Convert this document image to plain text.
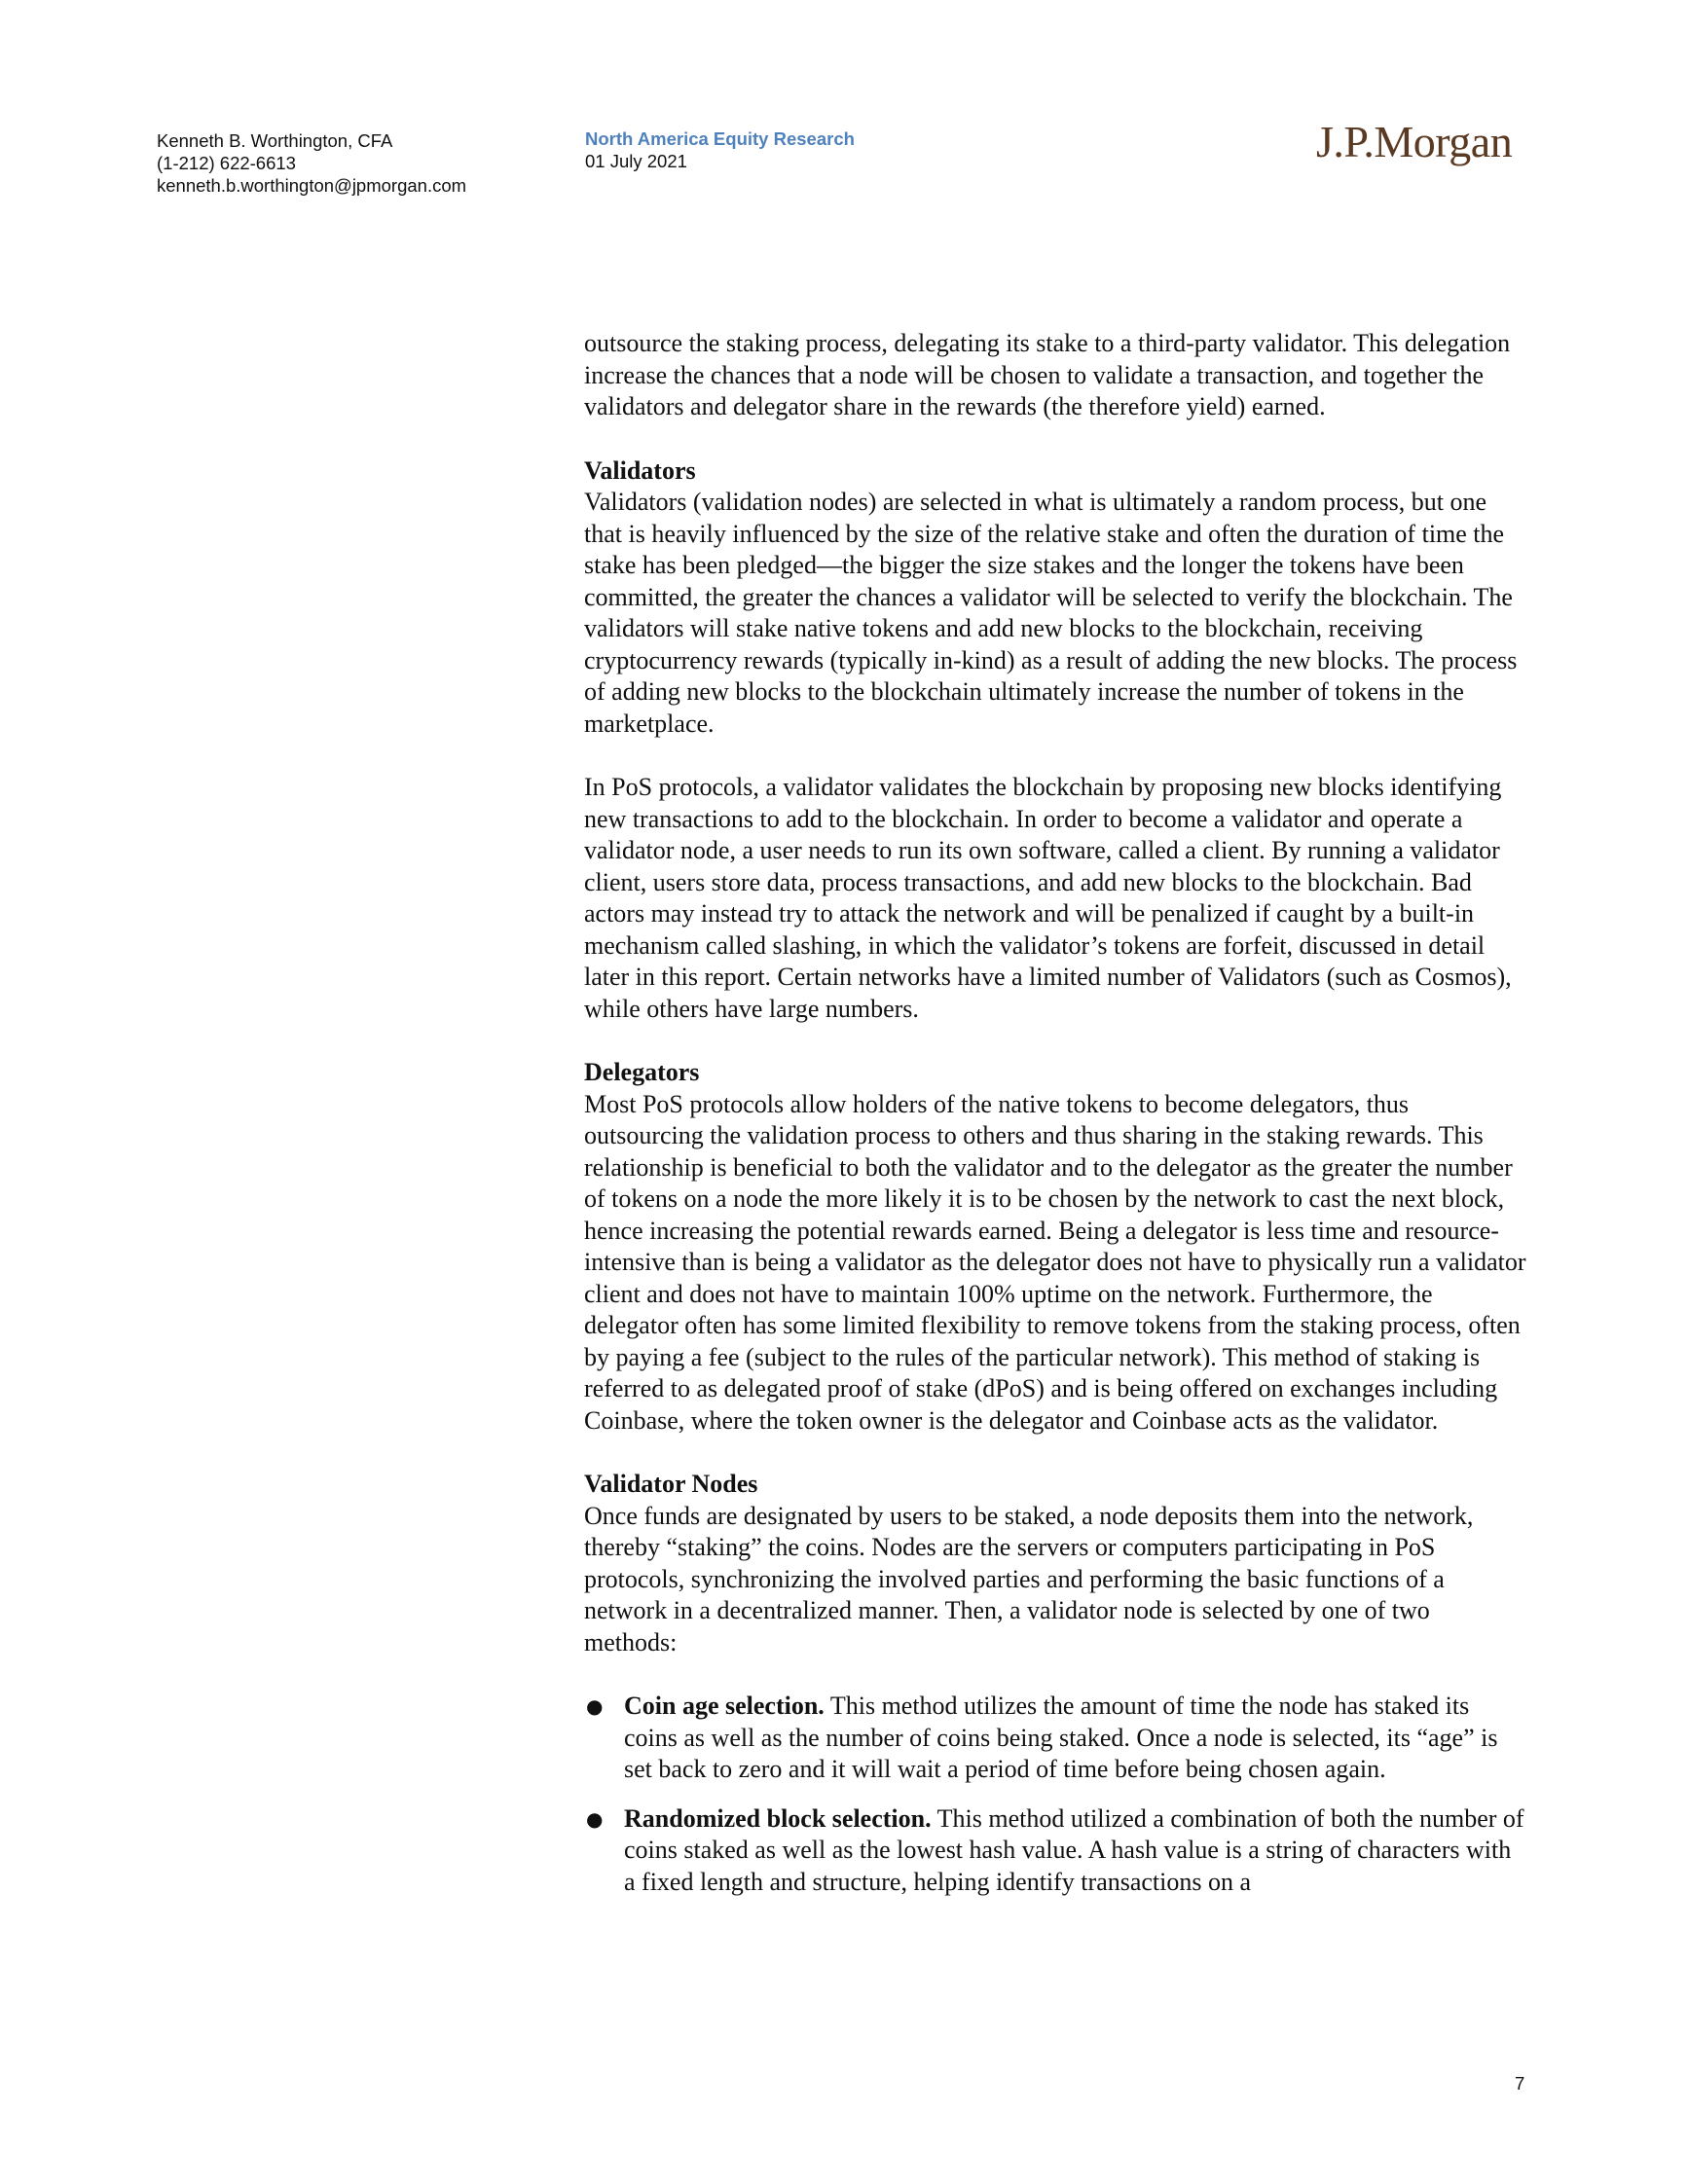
Kenneth B. Worthington, CFA
(1-212) 622-6613
kenneth.b.worthington@jpmorgan.com
North America Equity Research
01 July 2021	J.P.Morgan

outsource the staking process, delegating its stake to a third-party validator. This delegation increase the chances that a node will be chosen to validate a transaction, and together the validators and delegator share in the rewards (the therefore yield) earned.

Validators

Validators (validation nodes) are selected in what is ultimately a random process, but one that is heavily influenced by the size of the relative stake and often the duration of time the stake has been pledged—the bigger the size stakes and the longer the tokens have been committed, the greater the chances a validator will be selected to verify the blockchain. The validators will stake native tokens and add new blocks to the blockchain, receiving cryptocurrency rewards (typically in-kind) as a result of adding the new blocks. The process of adding new blocks to the blockchain ultimately increase the number of tokens in the marketplace.

In PoS protocols, a validator validates the blockchain by proposing new blocks identifying new transactions to add to the blockchain. In order to become a validator and operate a validator node, a user needs to run its own software, called a client. By running a validator client, users store data, process transactions, and add new blocks to the blockchain. Bad actors may instead try to attack the network and will be penalized if caught by a built-in mechanism called slashing, in which the validator’s tokens are forfeit, discussed in detail later in this report. Certain networks have a limited number of Validators (such as Cosmos), while others have large numbers.

Delegators

Most PoS protocols allow holders of the native tokens to become delegators, thus outsourcing the validation process to others and thus sharing in the staking rewards. This relationship is beneficial to both the validator and to the delegator as the greater the number of tokens on a node the more likely it is to be chosen by the network to cast the next block, hence increasing the potential rewards earned. Being a delegator is less time and resource-intensive than is being a validator as the delegator does not have to physically run a validator client and does not have to maintain 100% uptime on the network. Furthermore, the delegator often has some limited flexibility to remove tokens from the staking process, often by paying a fee (subject to the rules of the particular network). This method of staking is referred to as delegated proof of stake (dPoS) and is being offered on exchanges including Coinbase, where the token owner is the delegator and Coinbase acts as the validator.

Validator Nodes

Once funds are designated by users to be staked, a node deposits them into the network, thereby “staking” the coins. Nodes are the servers or computers participating in PoS protocols, synchronizing the involved parties and performing the basic functions of a network in a decentralized manner. Then, a validator node is selected by one of two methods:

● Coin age selection. This method utilizes the amount of time the node has staked its coins as well as the number of coins being staked. Once a node is selected, its “age” is set back to zero and it will wait a period of time before being chosen again.
● Randomized block selection. This method utilized a combination of both the number of coins staked as well as the lowest hash value. A hash value is a string of characters with a fixed length and structure, helping identify transactions on a
7
